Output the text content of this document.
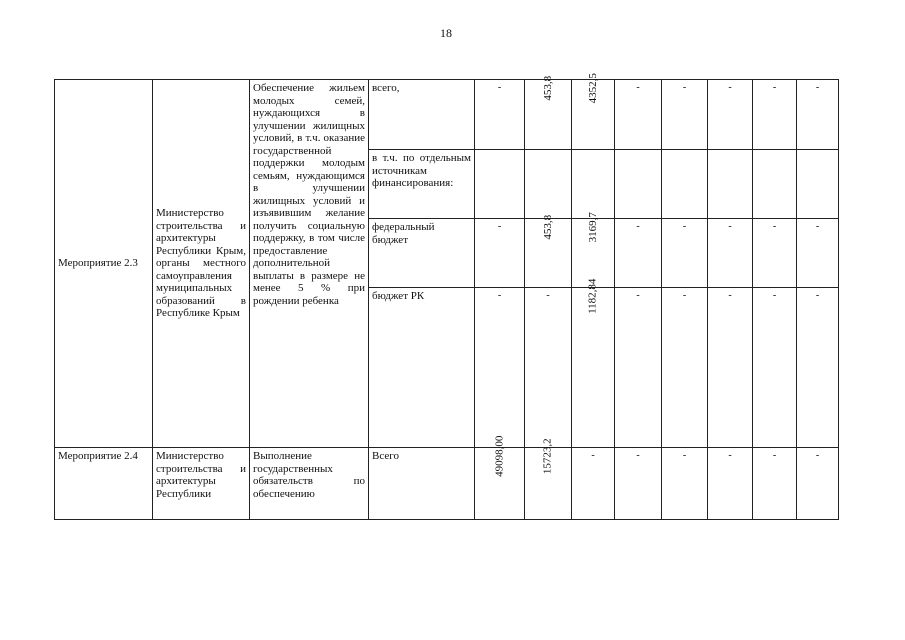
18
Мероприятие 2.3	Министерство строительства и архитектуры Республики Крым, органы местного самоуправления муниципальных образований в Республике Крым	Обеспечение жильем молодых семей, нуждающихся в улучшении жилищных условий, в т.ч. оказание государственной поддержки молодым семьям, нуждающимся в улучшении жилищных условий и изъявившим желание получить социальную поддержку, в том числе предоставление дополнительной выплаты в размере не менее 5 % при рождении ребенка	всего,	-	453,8	4352,5	-	-	-	-	-
			в т.ч. по отдельным источникам финансирования:								
			федеральный бюджет	-	453,8	3169,7	-	-	-	-	-
			бюджет РК	-	-	1182,84	-	-	-	-	-
Мероприятие 2.4	Министерство строительства и архитектуры Республики	Выполнение государственных обязательств по обеспечению	Всего	49098,00	15723,2	-	-	-	-	-	-
